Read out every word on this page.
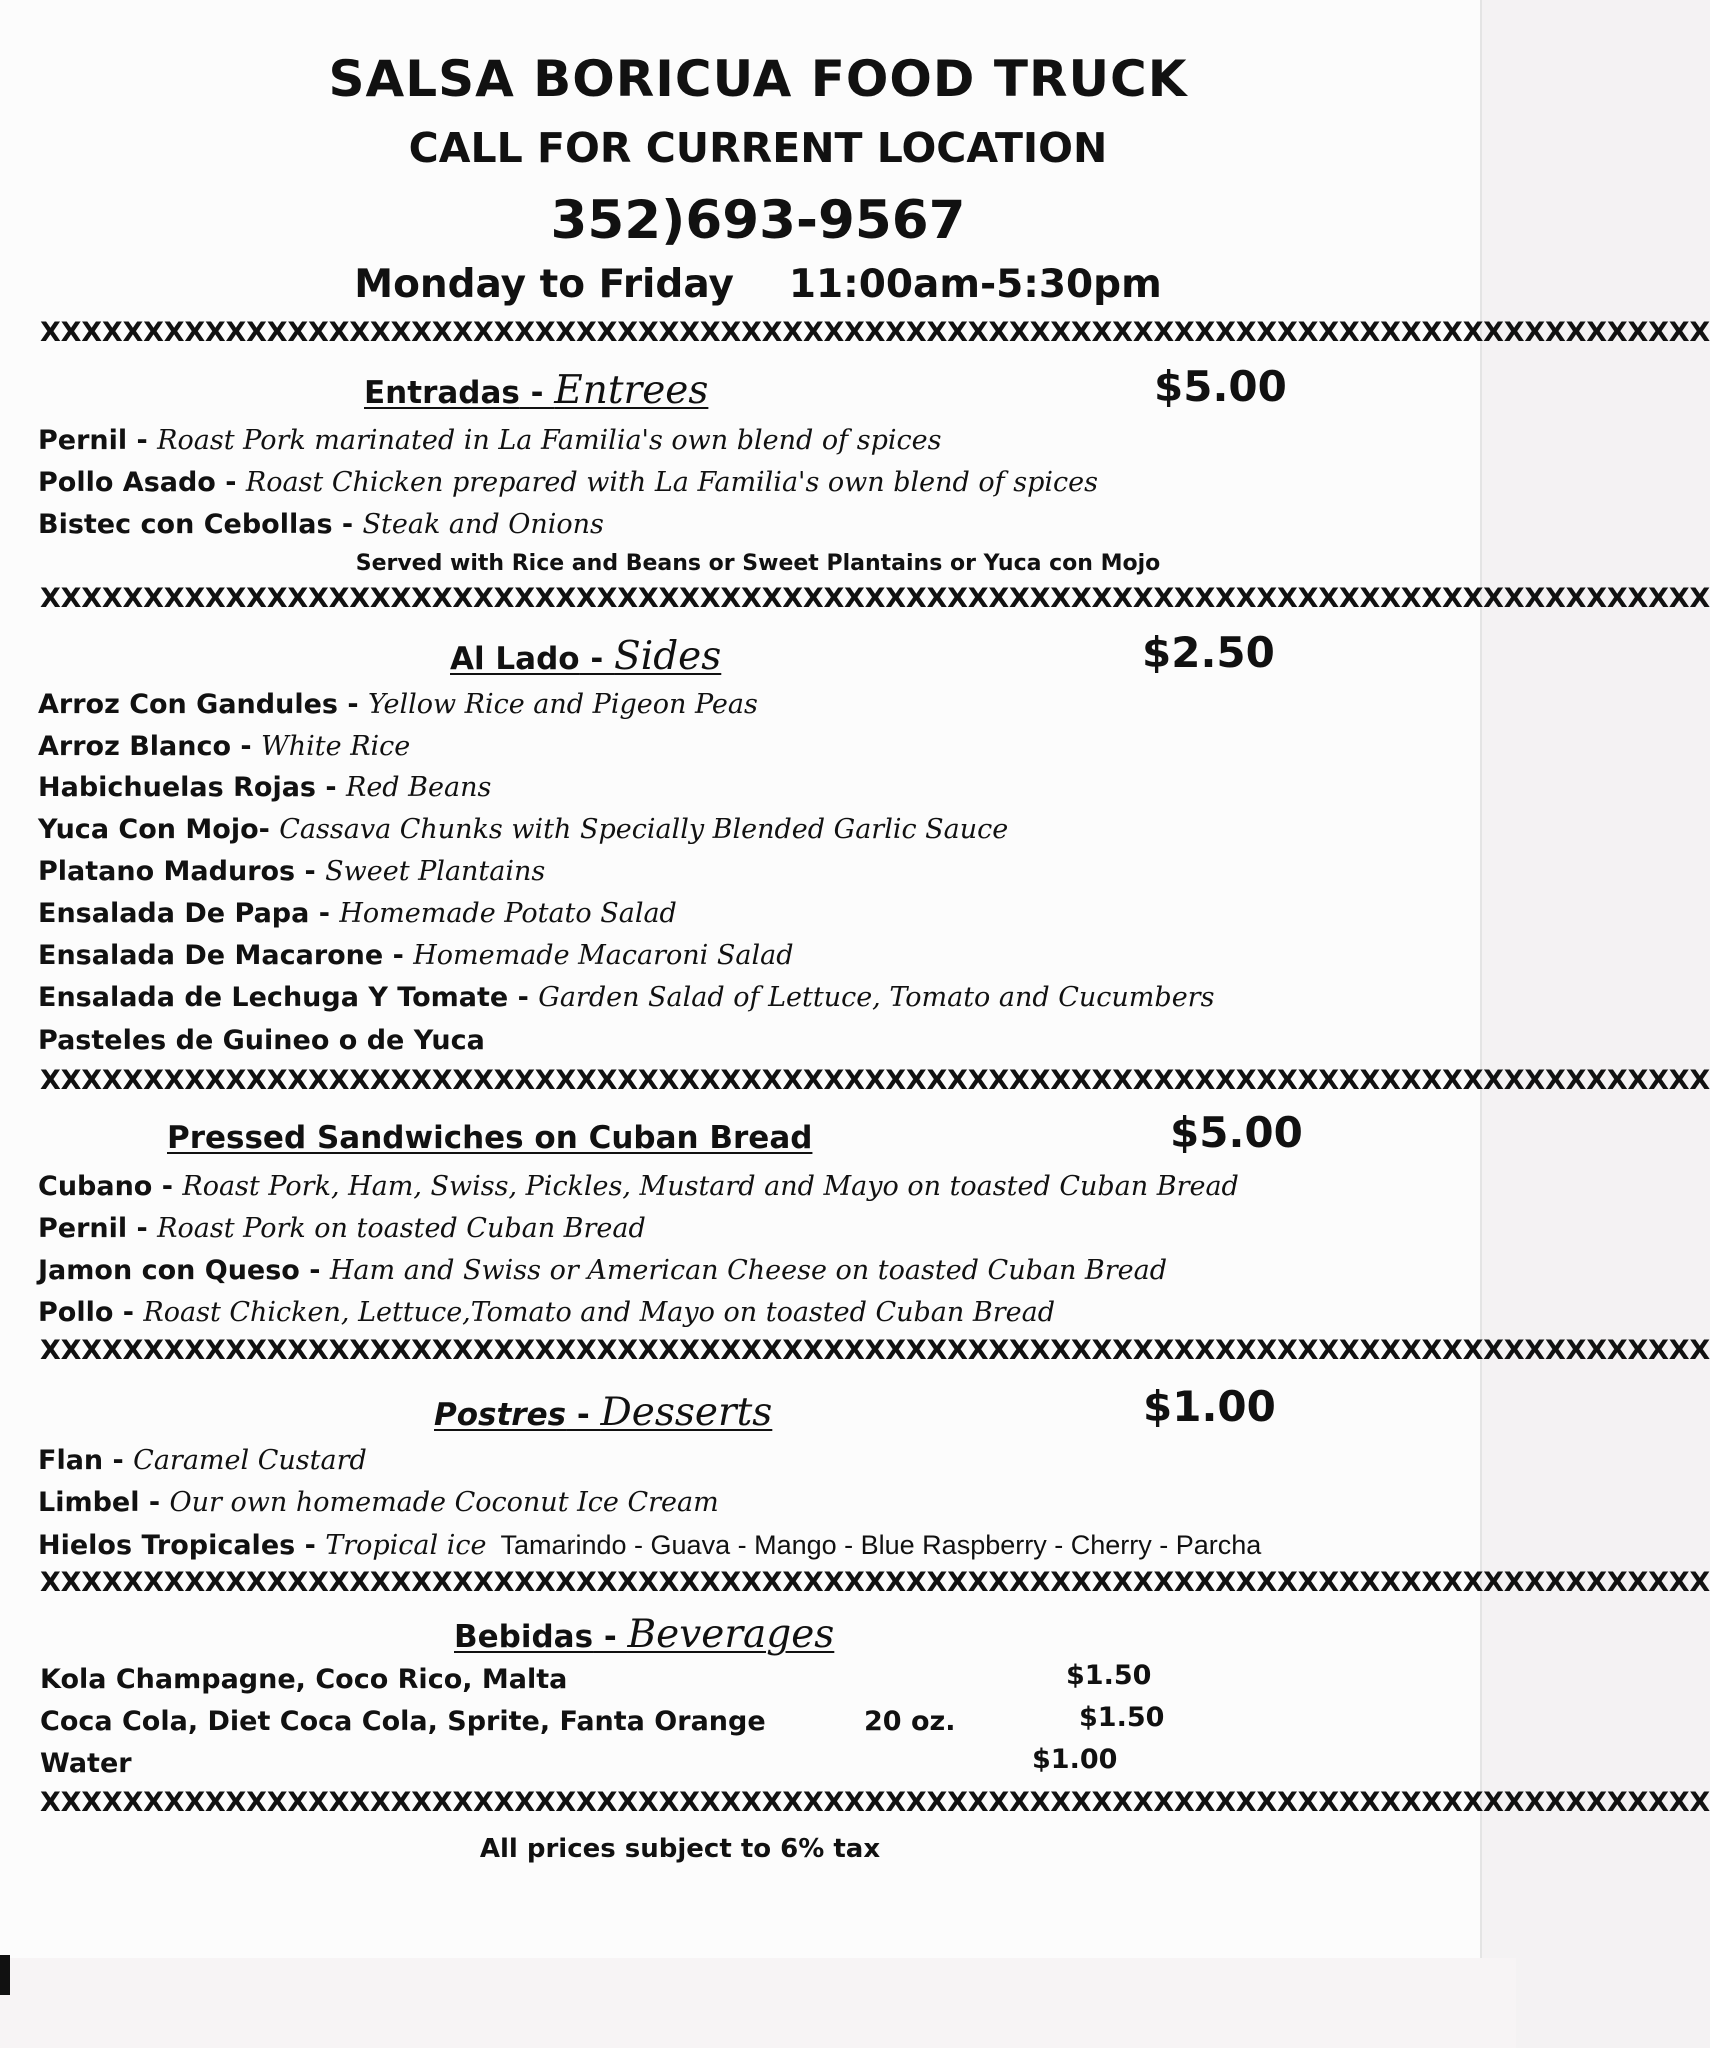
SALSA BORICUA FOOD TRUCK
CALL FOR CURRENT LOCATION
352)693-9567
Monday to Friday 11:00am-5:30pm
XXXXXXXXXXXXXXXXXXXXXXXXXXXXXXXXXXXXXXXXXXXXXXXXXXXXXXXXXXXXXXXXXXXXXXXXXXXXXXXXX
Entradas - Entrees	$5.00
Pernil - Roast Pork marinated in La Familia's own blend of spices
Pollo Asado - Roast Chicken prepared with La Familia's own blend of spices
Bistec con Cebollas - Steak and Onions
Served with Rice and Beans or Sweet Plantains or Yuca con Mojo
XXXXXXXXXXXXXXXXXXXXXXXXXXXXXXXXXXXXXXXXXXXXXXXXXXXXXXXXXXXXXXXXXXXXXXXXXXXXXXXXX
Al Lado - Sides	$2.50
Arroz Con Gandules - Yellow Rice and Pigeon Peas
Arroz Blanco - White Rice
Habichuelas Rojas - Red Beans
Yuca Con Mojo- Cassava Chunks with Specially Blended Garlic Sauce
Platano Maduros - Sweet Plantains
Ensalada De Papa - Homemade Potato Salad
Ensalada De Macarone - Homemade Macaroni Salad
Ensalada de Lechuga Y Tomate - Garden Salad of Lettuce, Tomato and Cucumbers
Pasteles de Guineo o de Yuca
XXXXXXXXXXXXXXXXXXXXXXXXXXXXXXXXXXXXXXXXXXXXXXXXXXXXXXXXXXXXXXXXXXXXXXXXXXXXXXXXX
Pressed Sandwiches on Cuban Bread	$5.00
Cubano - Roast Pork, Ham, Swiss, Pickles, Mustard and Mayo on toasted Cuban Bread
Pernil - Roast Pork on toasted Cuban Bread
Jamon con Queso - Ham and Swiss or American Cheese on toasted Cuban Bread
Pollo - Roast Chicken, Lettuce,Tomato and Mayo on toasted Cuban Bread
XXXXXXXXXXXXXXXXXXXXXXXXXXXXXXXXXXXXXXXXXXXXXXXXXXXXXXXXXXXXXXXXXXXXXXXXXXXXXXXXX
Postres - Desserts	$1.00
Flan - Caramel Custard
Limbel - Our own homemade Coconut Ice Cream
Hielos Tropicales - Tropical ice Tamarindo - Guava - Mango - Blue Raspberry - Cherry - Parcha
XXXXXXXXXXXXXXXXXXXXXXXXXXXXXXXXXXXXXXXXXXXXXXXXXXXXXXXXXXXXXXXXXXXXXXXXXXXXXXXXX
Bebidas - Beverages
Kola Champagne, Coco Rico, Malta	$1.50
Coca Cola, Diet Coca Cola, Sprite, Fanta Orange	20 oz.	$1.50
Water	$1.00
XXXXXXXXXXXXXXXXXXXXXXXXXXXXXXXXXXXXXXXXXXXXXXXXXXXXXXXXXXXXXXXXXXXXXXXXXXXXXXXXX
All prices subject to 6% tax
